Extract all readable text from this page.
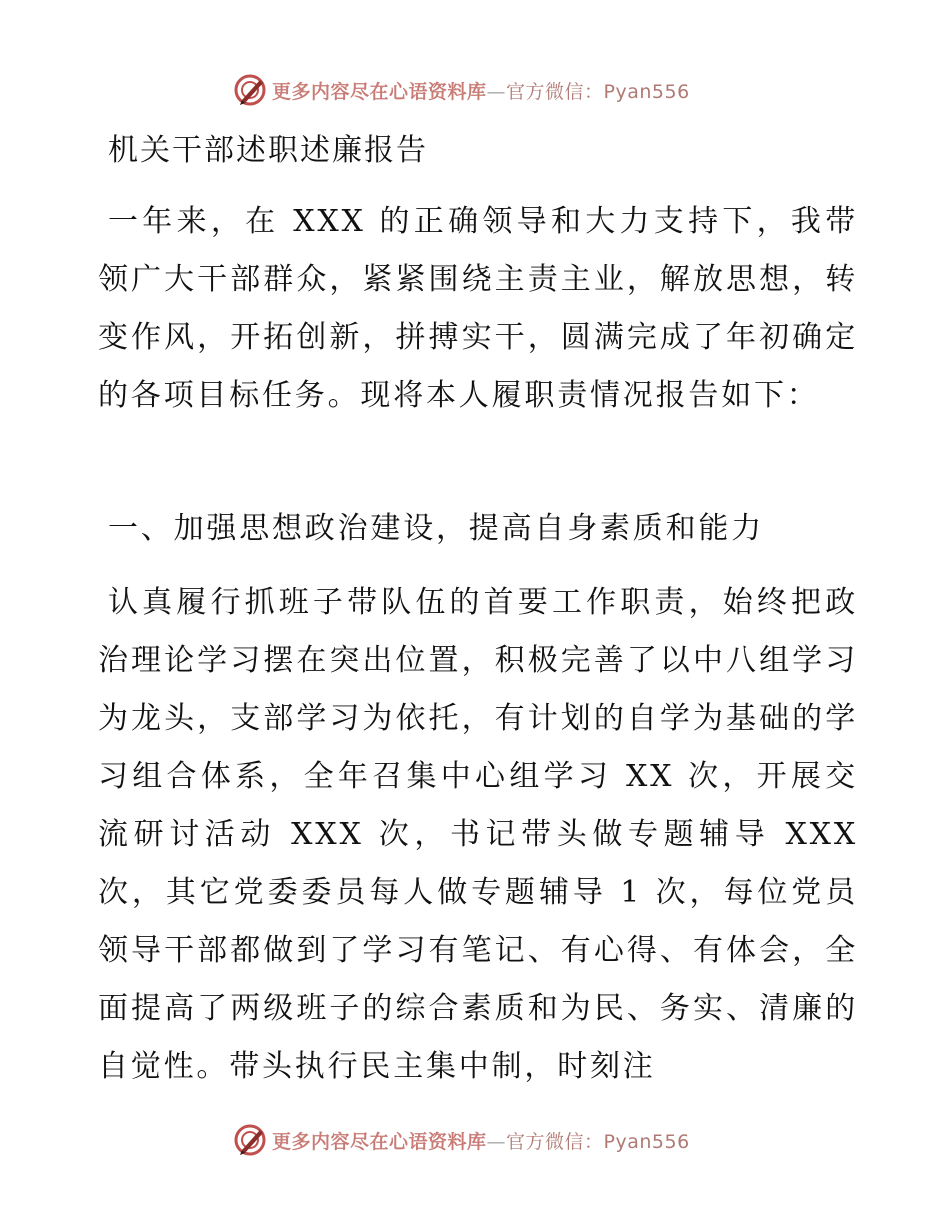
更多内容尽在心语资料库—官方微信：Pyan556
机关干部述职述廉报告

一年来，在 XXX 的正确领导和大力支持下，我带领广大干部群众，紧紧围绕主责主业，解放思想，转变作风，开拓创新，拼搏实干，圆满完成了年初确定的各项目标任务。现将本人履职责情况报告如下：

一、加强思想政治建设，提高自身素质和能力

认真履行抓班子带队伍的首要工作职责，始终把政治理论学习摆在突出位置，积极完善了以中八组学习为龙头，支部学习为依托，有计划的自学为基础的学习组合体系，全年召集中心组学习 XX 次，开展交流研讨活动 XXX 次，书记带头做专题辅导 XXX 次，其它党委委员每人做专题辅导 1 次，每位党员领导干部都做到了学习有笔记、有心得、有体会，全面提高了两级班子的综合素质和为民、务实、清廉的自觉性。带头执行民主集中制，时刻注

更多内容尽在心语资料库—官方微信：Pyan556
